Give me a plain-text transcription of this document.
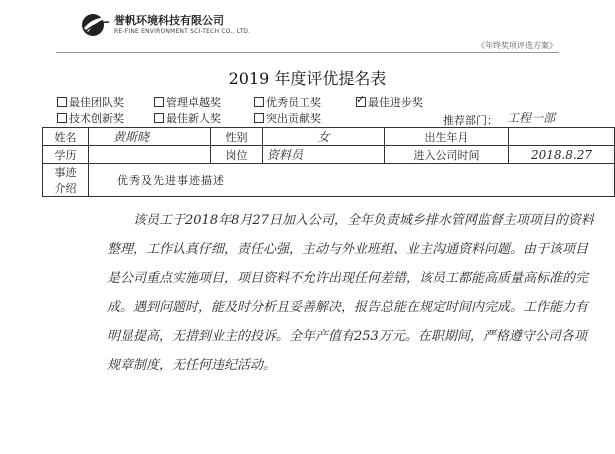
誉帆环境科技有限公司
RE-FINE ENVIRONMENT SCI-TECH CO., LTD.
《年终奖项评选方案》
2019 年度评优提名表
最佳团队奖	管理卓越奖	优秀员工奖 ✓	最佳进步奖
技术创新奖	最佳新人奖	突出贡献奖	推荐部门： 工程一部
姓名	黄斯晓	性别	女	出生年月	
学历		岗位	资料员	进入公司时间	2018.8.27
事迹介绍	优秀及先进事迹描述
该员工于2018年8月27日加入公司，全年负责城乡排水管网监督主项项目的资料整理，工作认真仔细，责任心强，主动与外业班组、业主沟通资料问题。由于该项目是公司重点实施项目，项目资料不允许出现任何差错，该员工都能高质量高标准的完成。遇到问题时，能及时分析且妥善解决，报告总能在规定时间内完成。工作能力有明显提高，无措到业主的投诉。全年产值有253万元。在职期间，严格遵守公司各项规章制度，无任何违纪活动。				
